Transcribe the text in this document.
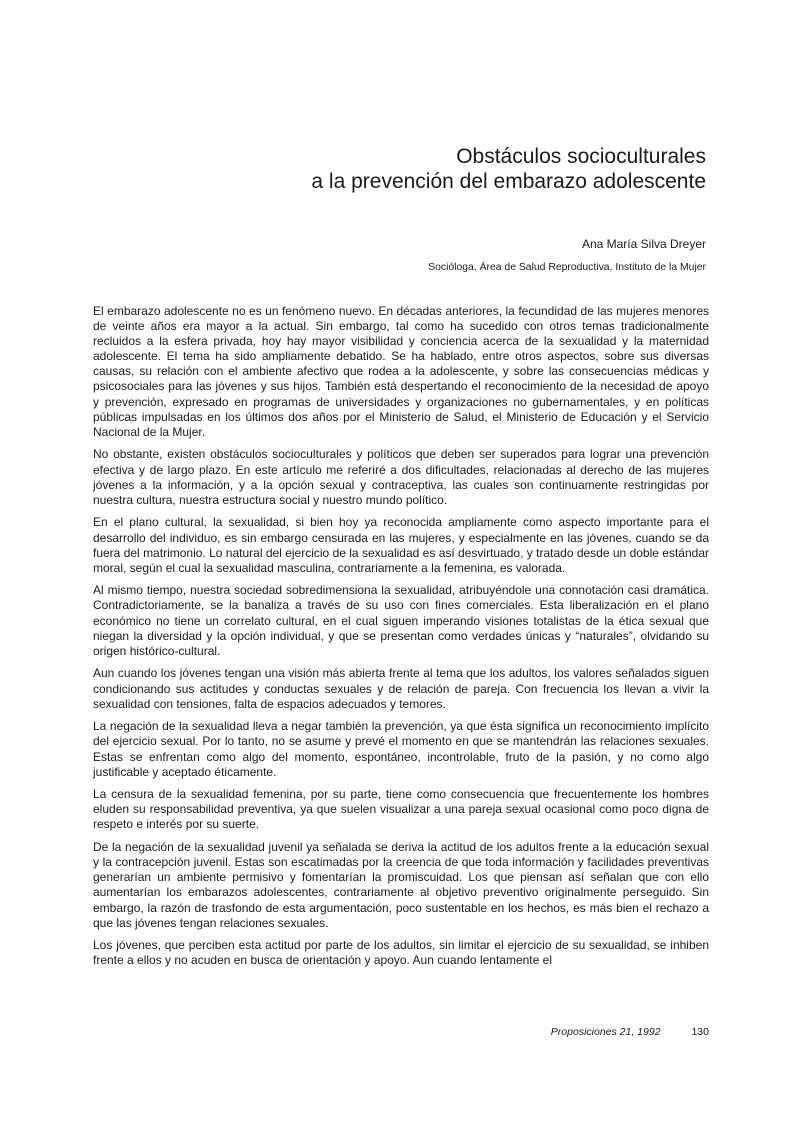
Obstáculos socioculturales
a la prevención del embarazo adolescente
Ana María Silva Dreyer
Socióloga, Área de Salud Reproductiva, Instituto de la Mujer

El embarazo adolescente no es un fenómeno nuevo. En décadas anteriores, la fecundidad de las mujeres menores de veinte años era mayor a la actual. Sin embargo, tal como ha sucedido con otros temas tradicionalmente recluidos a la esfera privada, hoy hay mayor visibilidad y conciencia acerca de la sexualidad y la maternidad adolescente. El tema ha sido ampliamente debatido. Se ha hablado, entre otros aspectos, sobre sus diversas causas, su relación con el ambiente afectivo que rodea a la adolescente, y sobre las consecuencias médicas y psicosociales para las jóvenes y sus hijos. También está despertando el reconocimiento de la necesidad de apoyo y prevención, expresado en programas de universidades y organizaciones no gubernamentales, y en políticas públicas impulsadas en los últimos dos años por el Ministerio de Salud, el Ministerio de Educación y el Servicio Nacional de la Mujer.

No obstante, existen obstáculos socioculturales y políticos que deben ser superados para lograr una prevención efectiva y de largo plazo. En este artículo me referiré a dos dificultades, relacionadas al derecho de las mujeres jóvenes a la información, y a la opción sexual y contraceptiva, las cuales son continuamente restringidas por nuestra cultura, nuestra estructura social y nuestro mundo político.

En el plano cultural, la sexualidad, si bien hoy ya reconocida ampliamente como aspecto importante para el desarrollo del individuo, es sin embargo censurada en las mujeres, y especialmente en las jóvenes, cuando se da fuera del matrimonio. Lo natural del ejercicio de la sexualidad es así desvirtuado, y tratado desde un doble estándar moral, según el cual la sexualidad masculina, contrariamente a la femenina, es valorada.

Al mismo tiempo, nuestra sociedad sobredimensiona la sexualidad, atribuyéndole una connotación casi dramática. Contradictoriamente, se la banaliza a través de su uso con fines comerciales. Esta liberalización en el plano económico no tiene un correlato cultural, en el cual siguen imperando visiones totalistas de la ética sexual que niegan la diversidad y la opción individual, y que se presentan como verdades únicas y “naturales”, olvidando su origen histórico-cultural.

Aun cuando los jóvenes tengan una visión más abierta frente al tema que los adultos, los valores señalados siguen condicionando sus actitudes y conductas sexuales y de relación de pareja. Con frecuencia los llevan a vivir la sexualidad con tensiones, falta de espacios adecuados y temores.

La negación de la sexualidad lleva a negar también la prevención, ya que ésta significa un reconocimiento implícito del ejercicio sexual. Por lo tanto, no se asume y prevé el momento en que se mantendrán las relaciones sexuales. Estas se enfrentan como algo del momento, espontáneo, incontrolable, fruto de la pasión, y no como algo justificable y aceptado éticamente.

La censura de la sexualidad femenina, por su parte, tiene como consecuencia que frecuentemente los hombres eluden su responsabilidad preventiva, ya que suelen visualizar a una pareja sexual ocasional como poco digna de respeto e interés por su suerte.

De la negación de la sexualidad juvenil ya señalada se deriva la actitud de los adultos frente a la educación sexual y la contracepción juvenil. Estas son escatimadas por la creencia de que toda información y facilidades preventivas generarían un ambiente permisivo y fomentarían la promiscuidad. Los que piensan así señalan que con ello aumentarían los embarazos adolescentes, contrariamente al objetivo preventivo originalmente perseguido. Sin embargo, la razón de trasfondo de esta argumentación, poco sustentable en los hechos, es más bien el rechazo a que las jóvenes tengan relaciones sexuales.

Los jóvenes, que perciben esta actitud por parte de los adultos, sin limitar el ejercicio de su sexualidad, se inhiben frente a ellos y no acuden en busca de orientación y apoyo. Aun cuando lentamente el

Proposiciones 21, 1992	130
